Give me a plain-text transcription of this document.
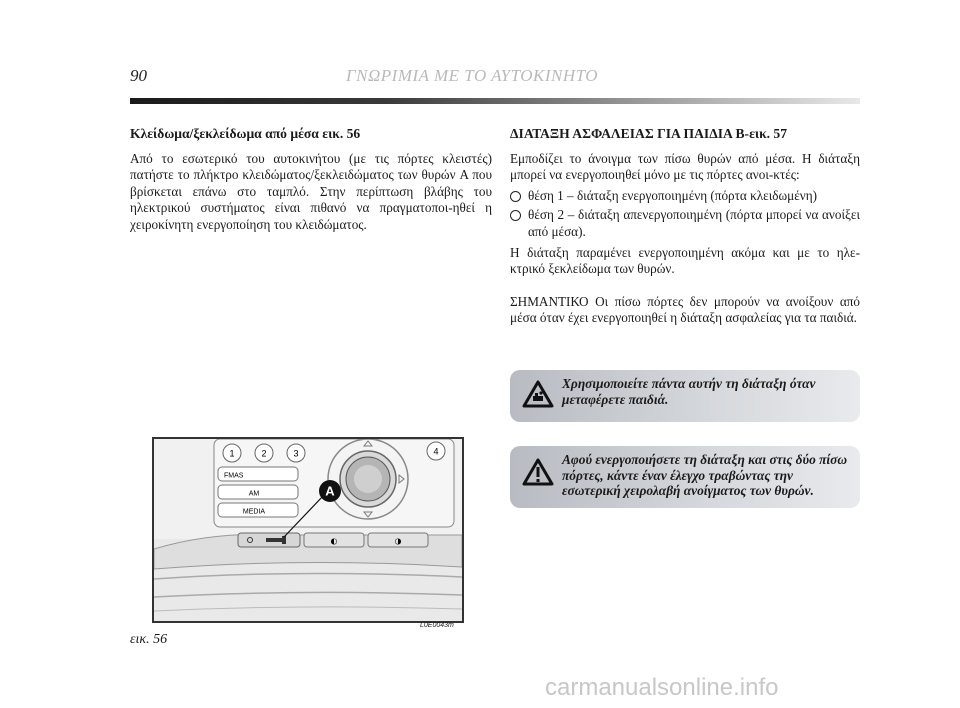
90	ΓΝΩΡΙΜΙΑ ΜΕ ΤΟ ΑΥΤΟΚΙΝΗΤΟ
Κλείδωμα/ξεκλείδωμα από μέσα εικ. 56

Από το εσωτερικό του αυτοκινήτου (με τις πόρτες κλειστές) πατήστε το πλήκτρο κλειδώματος/ξεκλειδώματος των θυρών A που βρίσκεται επάνω στο ταμπλό. Στην περίπτωση βλάβης του ηλεκτρικού συστήματος είναι πιθανό να πραγματοποι-ηθεί η χειροκίνητη ενεργοποίηση του κλειδώματος.

ΔΙΑΤΑΞΗ ΑΣΦΑΛΕΙΑΣ ΓΙΑ ΠΑΙΔΙΑ B-εικ. 57

Εμποδίζει το άνοιγμα των πίσω θυρών από μέσα. Η διάταξη μπορεί να ενεργοποιηθεί μόνο με τις πόρτες ανοι-κτές:

θέση 1 – διάταξη ενεργοποιημένη (πόρτα κλειδωμένη)
θέση 2 – διάταξη απενεργοποιημένη (πόρτα μπορεί να ανοίξει από μέσα).

Η διάταξη παραμένει ενεργοποιημένη ακόμα και με το ηλε-κτρικό ξεκλείδωμα των θυρών.

ΣΗΜΑΝΤΙΚΟ Οι πίσω πόρτες δεν μπορούν να ανοίξουν από μέσα όταν έχει ενεργοποιηθεί η διάταξη ασφαλείας για τα παιδιά.

Χρησιμοποιείτε πάντα αυτήν τη διάταξη όταν μεταφέρετε παιδιά.
Αφού ενεργοποιήσετε τη διάταξη και στις δύο πίσω πόρτες, κάντε έναν έλεγχο τραβώντας την εσωτερική χειρολαβή ανοίγματος των θυρών.
1	2	3	4
FMAS
AM
MEDIA
◐	◑
A
εικ. 56
L0E0043m
carmanualsonline.info
